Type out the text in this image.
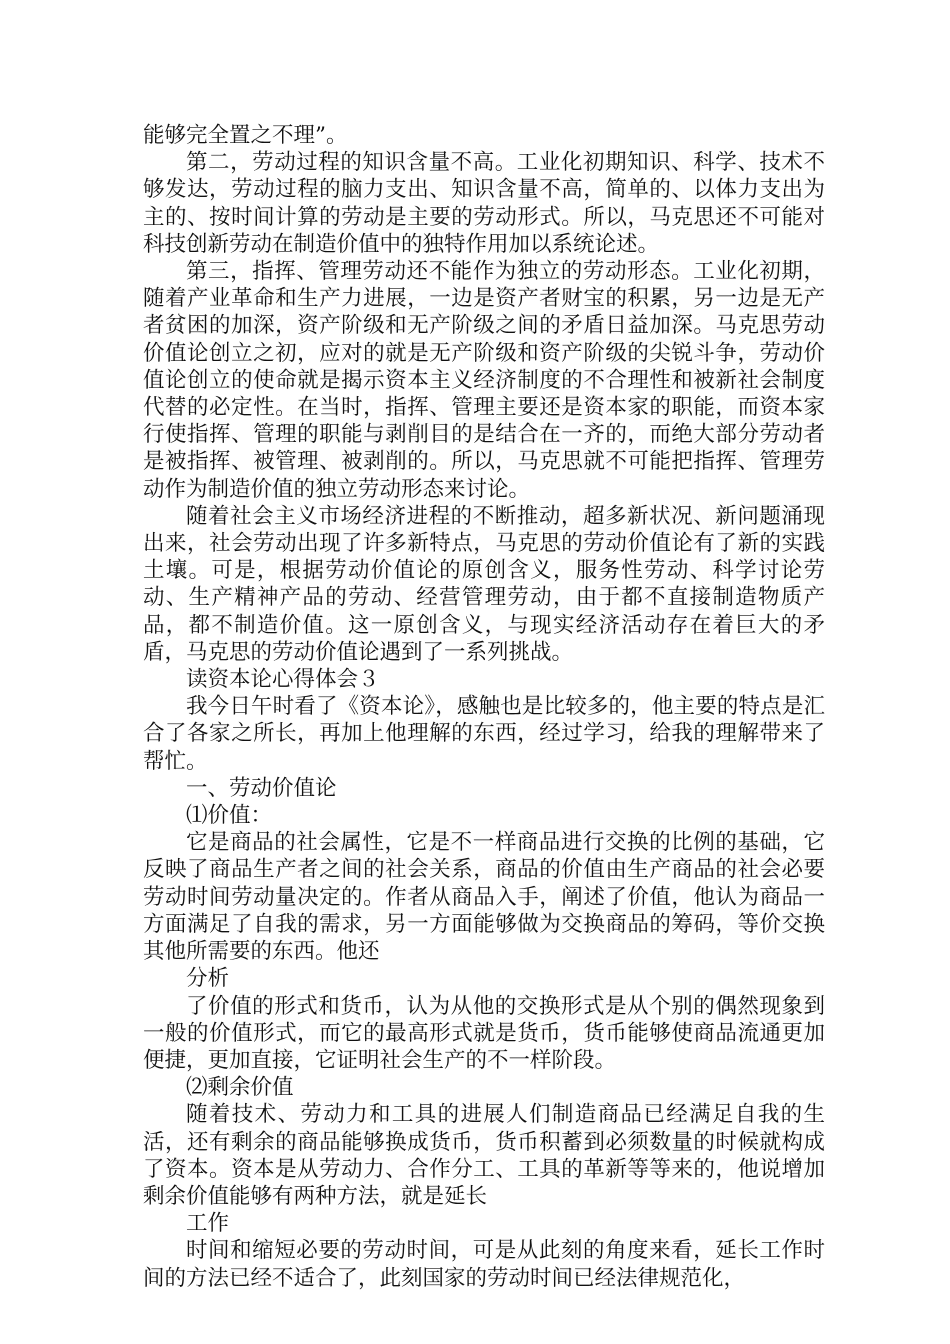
能够完全置之不理”。

第二，劳动过程的知识含量不高。工业化初期知识、科学、技术不够发达，劳动过程的脑力支出、知识含量不高，简单的、以体力支出为主的、按时间计算的劳动是主要的劳动形式。所以，马克思还不可能对科技创新劳动在制造价值中的独特作用加以系统论述。

第三，指挥、管理劳动还不能作为独立的劳动形态。工业化初期，随着产业革命和生产力进展，一边是资产者财宝的积累，另一边是无产者贫困的加深，资产阶级和无产阶级之间的矛盾日益加深。马克思劳动价值论创立之初，应对的就是无产阶级和资产阶级的尖锐斗争，劳动价值论创立的使命就是揭示资本主义经济制度的不合理性和被新社会制度代替的必定性。在当时，指挥、管理主要还是资本家的职能，而资本家行使指挥、管理的职能与剥削目的是结合在一齐的，而绝大部分劳动者是被指挥、被管理、被剥削的。所以，马克思就不可能把指挥、管理劳动作为制造价值的独立劳动形态来讨论。

随着社会主义市场经济进程的不断推动，超多新状况、新问题涌现出来，社会劳动出现了许多新特点，马克思的劳动价值论有了新的实践土壤。可是，根据劳动价值论的原创含义，服务性劳动、科学讨论劳动、生产精神产品的劳动、经营管理劳动，由于都不直接制造物质产品，都不制造价值。这一原创含义，与现实经济活动存在着巨大的矛盾，马克思的劳动价值论遇到了一系列挑战。

读资本论心得体会３

我今日午时看了《资本论》，感触也是比较多的，他主要的特点是汇合了各家之所长，再加上他理解的东西，经过学习，给我的理解带来了帮忙。

一、劳动价值论

⑴价值：

它是商品的社会属性，它是不一样商品进行交换的比例的基础，它反映了商品生产者之间的社会关系，商品的价值由生产商品的社会必要劳动时间劳动量决定的。作者从商品入手，阐述了价值，他认为商品一方面满足了自我的需求，另一方面能够做为交换商品的筹码，等价交换其他所需要的东西。他还

分析

了价值的形式和货币，认为从他的交换形式是从个别的偶然现象到一般的价值形式，而它的最高形式就是货币，货币能够使商品流通更加便捷，更加直接，它证明社会生产的不一样阶段。

⑵剩余价值

随着技术、劳动力和工具的进展人们制造商品已经满足自我的生活，还有剩余的商品能够换成货币，货币积蓄到必须数量的时候就构成了资本。资本是从劳动力、合作分工、工具的革新等等来的，他说增加剩余价值能够有两种方法，就是延长

工作

时间和缩短必要的劳动时间，可是从此刻的角度来看，延长工作时间的方法已经不适合了，此刻国家的劳动时间已经法律规范化，
